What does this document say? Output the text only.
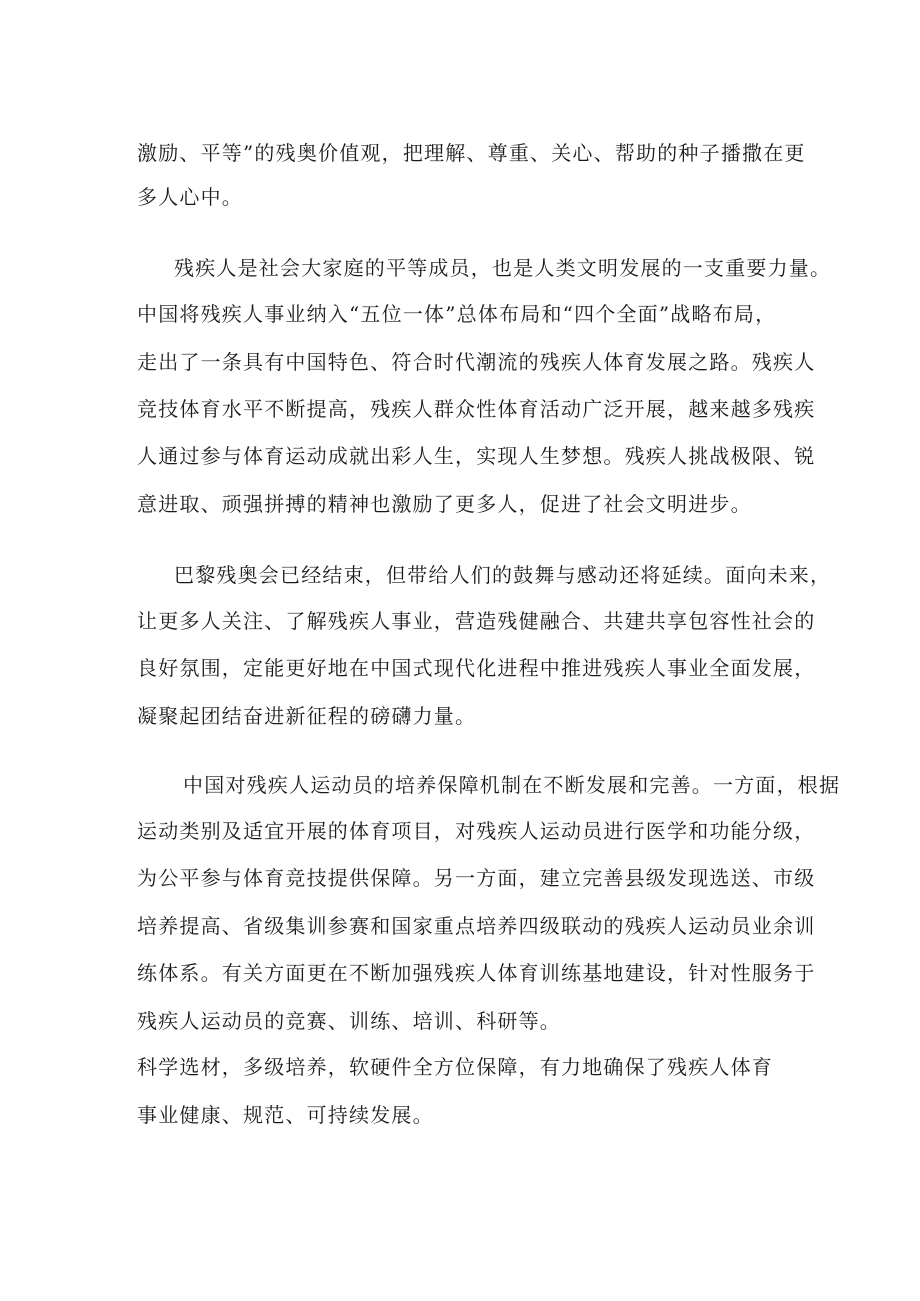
激励、平等”的残奥价值观，把理解、尊重、关心、帮助的种子播撒在更
多人心中。
残疾人是社会大家庭的平等成员，也是人类文明发展的一支重要力量。
中国将残疾人事业纳入“五位一体”总体布局和“四个全面”战略布局，
走出了一条具有中国特色、符合时代潮流的残疾人体育发展之路。残疾人
竞技体育水平不断提高，残疾人群众性体育活动广泛开展，越来越多残疾
人通过参与体育运动成就出彩人生，实现人生梦想。残疾人挑战极限、锐
意进取、顽强拼搏的精神也激励了更多人，促进了社会文明进步。
巴黎残奥会已经结束，但带给人们的鼓舞与感动还将延续。面向未来，
让更多人关注、了解残疾人事业，营造残健融合、共建共享包容性社会的
良好氛围，定能更好地在中国式现代化进程中推进残疾人事业全面发展，
凝聚起团结奋进新征程的磅礴力量。
中国对残疾人运动员的培养保障机制在不断发展和完善。一方面，根据
运动类别及适宜开展的体育项目，对残疾人运动员进行医学和功能分级，
为公平参与体育竞技提供保障。另一方面，建立完善县级发现选送、市级
培养提高、省级集训参赛和国家重点培养四级联动的残疾人运动员业余训
练体系。有关方面更在不断加强残疾人体育训练基地建设，针对性服务于
残疾人运动员的竞赛、训练、培训、科研等。
科学选材，多级培养，软硬件全方位保障，有力地确保了残疾人体育
事业健康、规范、可持续发展。
